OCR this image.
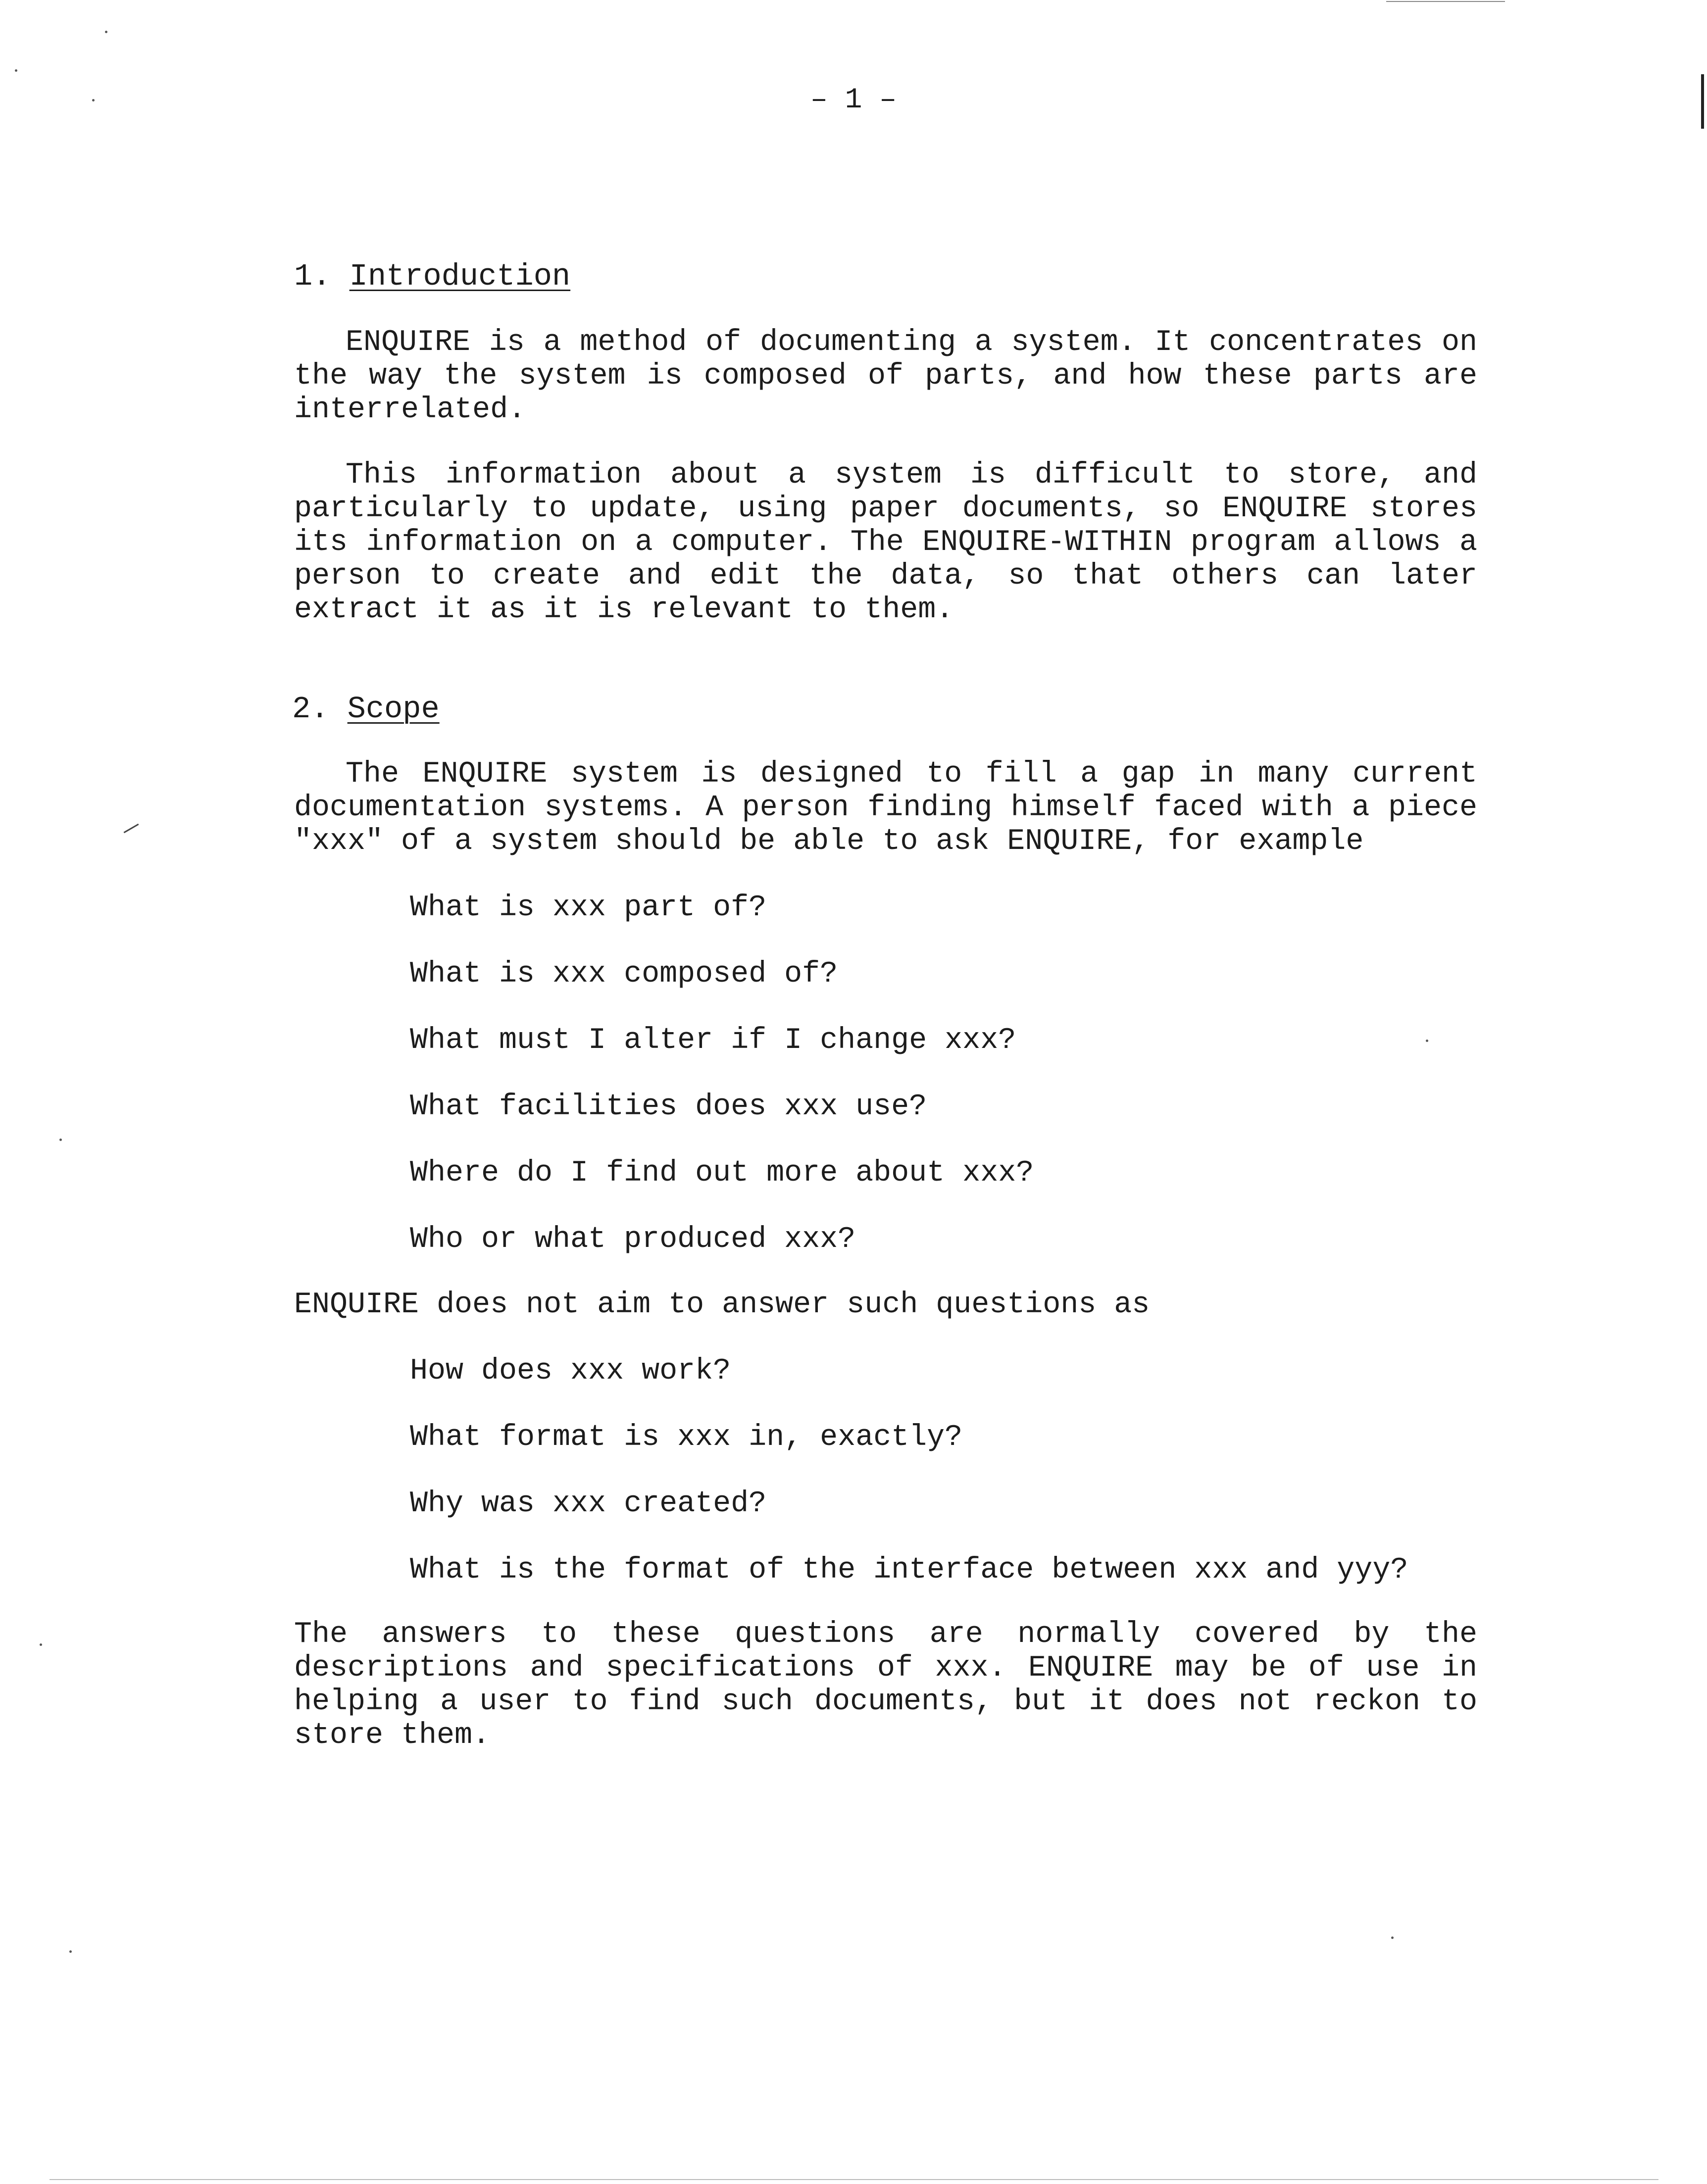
– 1 –
1. Introduction
ENQUIRE is a method of documenting a system. It concentrates on the way the system is composed of parts, and how these parts are interrelated.
This information about a system is difficult to store, and particularly to update, using paper documents, so ENQUIRE stores its information on a computer. The ENQUIRE-WITHIN program allows a person to create and edit the data, so that others can later extract it as it is relevant to them.
2. Scope
The ENQUIRE system is designed to fill a gap in many current documentation systems. A person finding himself faced with a piece "xxx" of a system should be able to ask ENQUIRE, for example
What is xxx part of?
What is xxx composed of?
What must I alter if I change xxx?
What facilities does xxx use?
Where do I find out more about xxx?
Who or what produced xxx?
ENQUIRE does not aim to answer such questions as
How does xxx work?
What format is xxx in, exactly?
Why was xxx created?
What is the format of the interface between xxx and yyy?
The answers to these questions are normally covered by the descriptions and specifications of xxx. ENQUIRE may be of use in helping a user to find such documents, but it does not reckon to store them.
